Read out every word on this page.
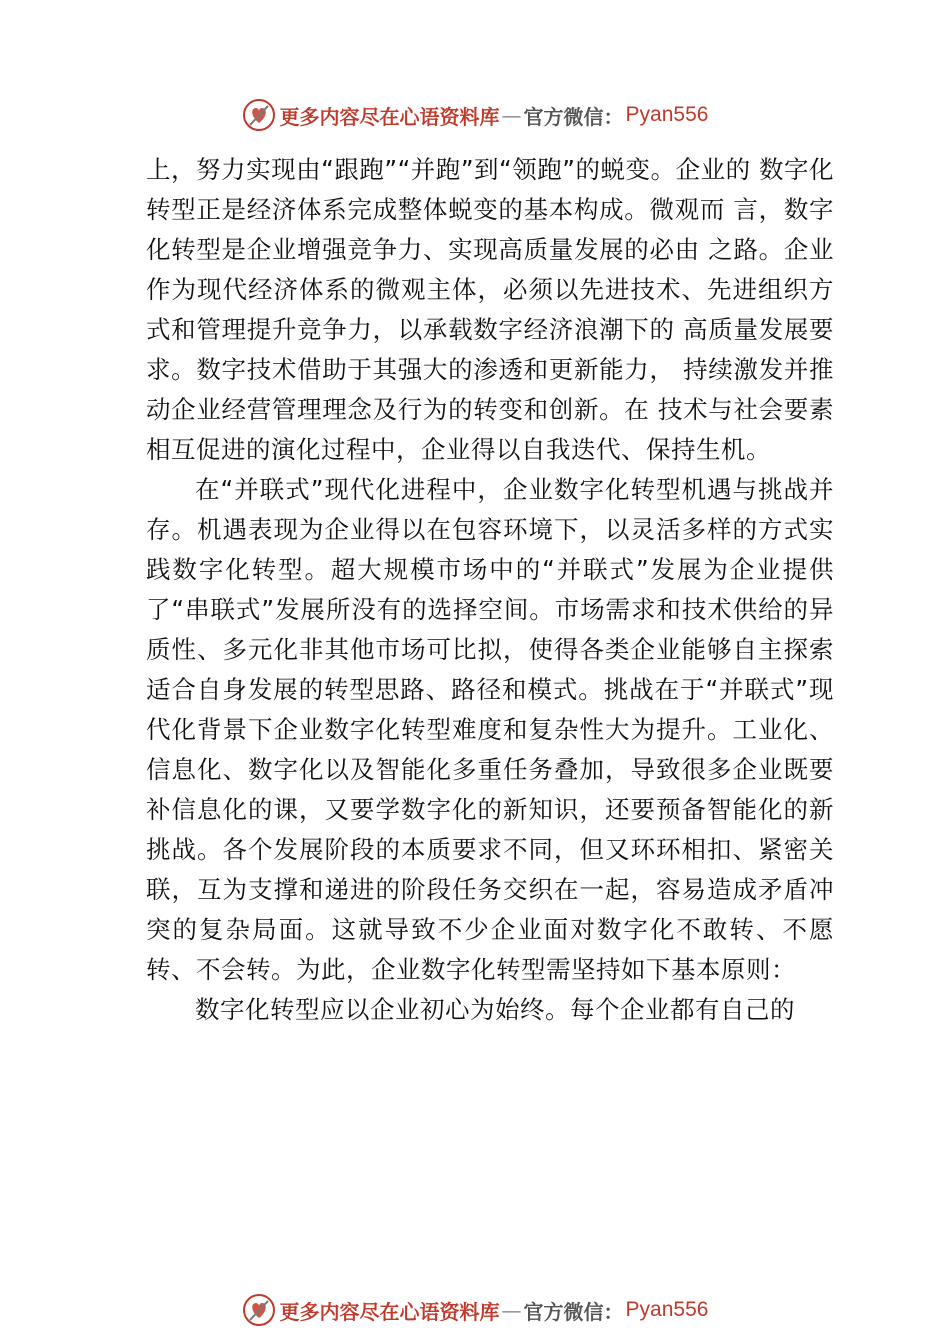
更多内容尽在心语资料库 — 官方微信： Pyan556

上，努力实现由“跟跑”“并跑”到“领跑”的蜕变。企业的 数字化转型正是经济体系完成整体蜕变的基本构成。微观而 言，数字化转型是企业增强竞争力、实现高质量发展的必由 之路。企业作为现代经济体系的微观主体，必须以先进技术、先进组织方式和管理提升竞争力，以承载数字经济浪潮下的 高质量发展要求。数字技术借助于其强大的渗透和更新能力， 持续激发并推动企业经营管理理念及行为的转变和创新。在 技术与社会要素相互促进的演化过程中，企业得以自我迭代、保持生机。

在“并联式”现代化进程中，企业数字化转型机遇与挑战并存。机遇表现为企业得以在包容环境下，以灵活多样的方式实践数字化转型。超大规模市场中的“并联式”发展为企业提供了“串联式”发展所没有的选择空间。市场需求和技术供给的异质性、多元化非其他市场可比拟，使得各类企业能够自主探索适合自身发展的转型思路、路径和模式。挑战在于“并联式”现代化背景下企业数字化转型难度和复杂性大为提升。工业化、信息化、数字化以及智能化多重任务叠加，导致很多企业既要补信息化的课，又要学数字化的新知识，还要预备智能化的新挑战。各个发展阶段的本质要求不同，但又环环相扣、紧密关联，互为支撑和递进的阶段任务交织在一起，容易造成矛盾冲突的复杂局面。这就导致不少企业面对数字化不敢转、不愿转、不会转。为此，企业数字化转型需坚持如下基本原则：

数字化转型应以企业初心为始终。每个企业都有自己的

更多内容尽在心语资料库 — 官方微信： Pyan556
